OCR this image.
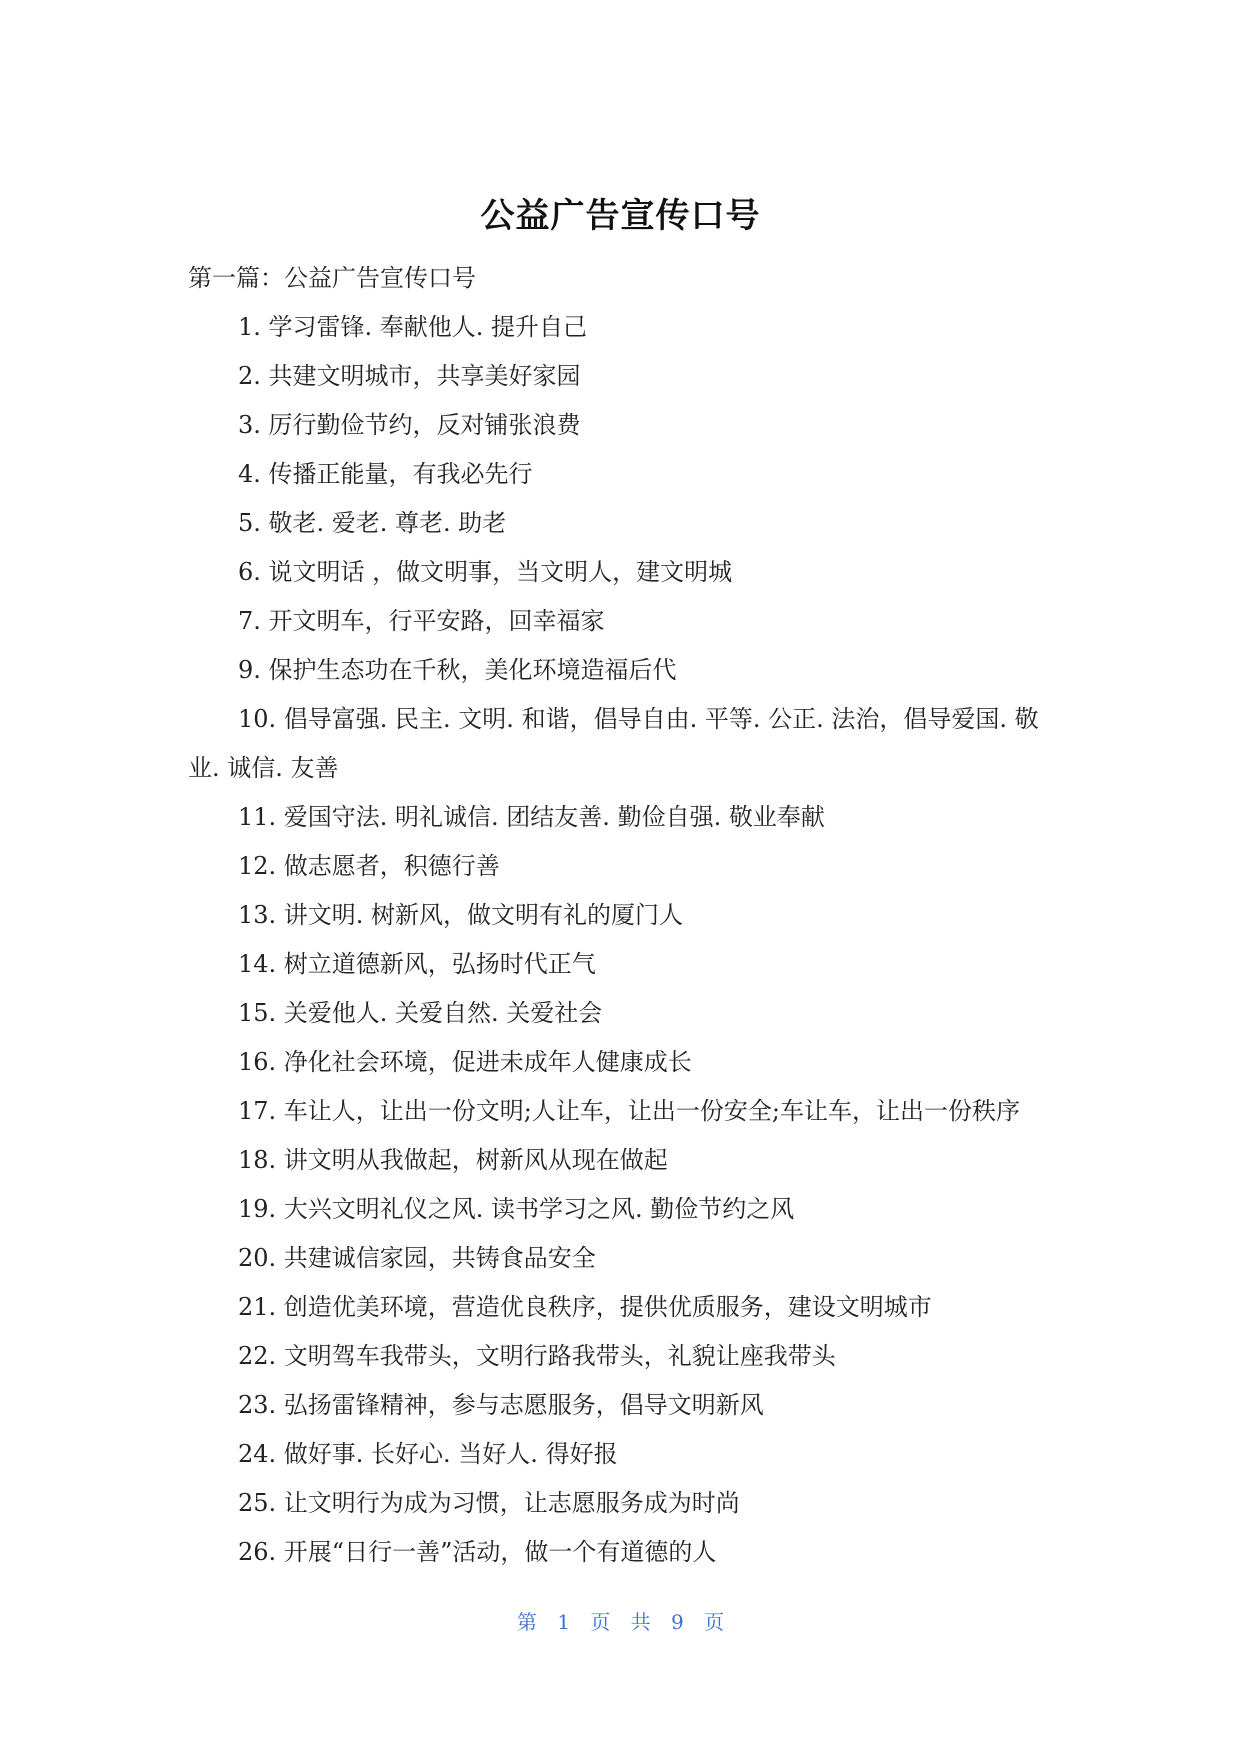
公益广告宣传口号
第一篇：公益广告宣传口号
1. 学习雷锋. 奉献他人. 提升自己
2. 共建文明城市，共享美好家园
3. 厉行勤俭节约，反对铺张浪费
4. 传播正能量，有我必先行
5. 敬老. 爱老. 尊老. 助老
6. 说文明话 ，做文明事，当文明人，建文明城
7. 开文明车，行平安路，回幸福家
9. 保护生态功在千秋，美化环境造福后代
10. 倡导富强. 民主. 文明. 和谐，倡导自由. 平等. 公正. 法治，倡导爱国. 敬
业. 诚信. 友善
11. 爱国守法. 明礼诚信. 团结友善. 勤俭自强. 敬业奉献
12. 做志愿者，积德行善
13. 讲文明. 树新风，做文明有礼的厦门人
14. 树立道德新风，弘扬时代正气
15. 关爱他人. 关爱自然. 关爱社会
16. 净化社会环境，促进未成年人健康成长
17. 车让人，让出一份文明;人让车，让出一份安全;车让车，让出一份秩序
18. 讲文明从我做起，树新风从现在做起
19. 大兴文明礼仪之风. 读书学习之风. 勤俭节约之风
20. 共建诚信家园，共铸食品安全
21. 创造优美环境，营造优良秩序，提供优质服务，建设文明城市
22. 文明驾车我带头，文明行路我带头，礼貌让座我带头
23. 弘扬雷锋精神，参与志愿服务，倡导文明新风
24. 做好事. 长好心. 当好人. 得好报
25. 让文明行为成为习惯，让志愿服务成为时尚
26. 开展“日行一善”活动，做一个有道德的人
第 1 页 共 9 页
